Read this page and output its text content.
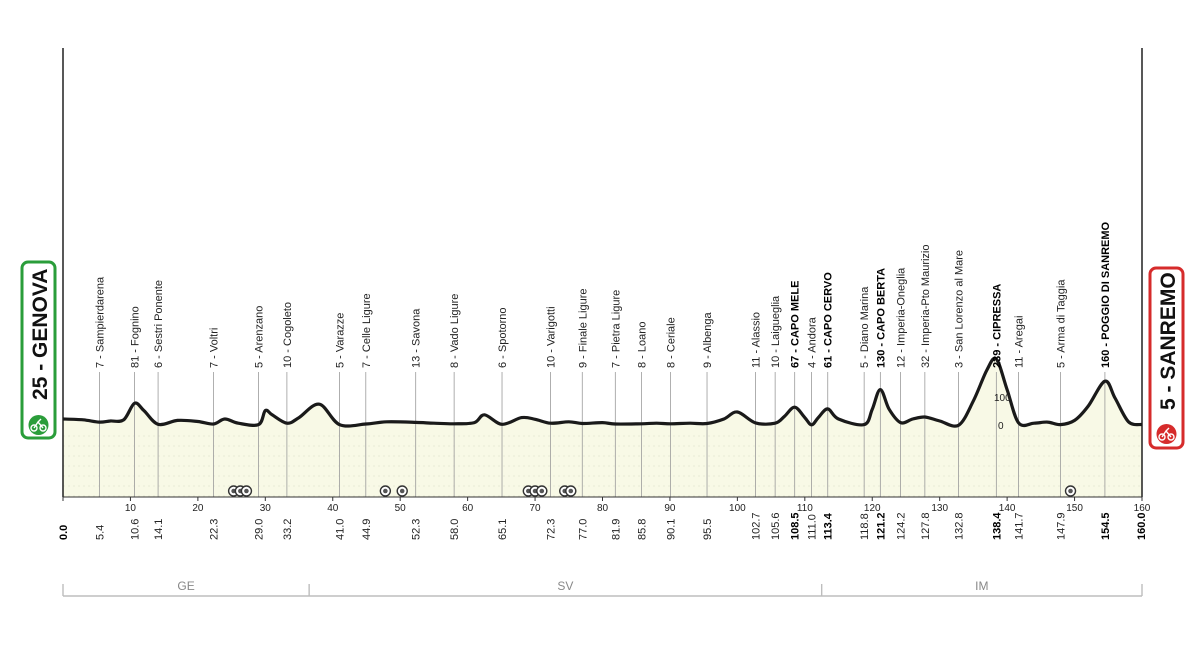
10	20	30	40	50	60	70	80	90	100	110	120	130	140	150	160
7 - Sampierdarena 81 - Fognino 6 - Sestri Ponente	7 - Voltri	5 - Arenzano 10 - Cogoleto	5 - Varazze 7 - Celle Ligure	13 - Savona 8 - Vado Ligure	6 - Spotorno	10 - Varigotti 9 - Finale Ligure 7 - Pietra Ligure 8 - Loano 8 - Ceriale 9 - Albenga	11 - Alassio 10 - Laigueglia 67 - CAPO MELE 4 - Andora 61 - CAPO CERVO 5 - Diano Marina 130 - CAPO BERTA 12 - Imperia-Oneglia 32 - Imperia-Pto Maurizio 3 - San Lorenzo al Mare 239 - CIPRESSA 11 - Aregai	5 - Arma di Taggia	160 - POGGIO DI SANREMO
5.4 10.6 14.1	22.3	29.0 33.2	41.0 44.9	52.3 58.0	65.1	72.3 77.0 81.9 85.8 90.1 95.5	102.7 105.6 108.5 111.0 113.4 118.8 121.2 124.2 127.8 132.8 138.4 141.7	147.9	154.5
GE	SV	IM
25 - GENOVA	5 - SANREMO
0.0	160.0
100
0
